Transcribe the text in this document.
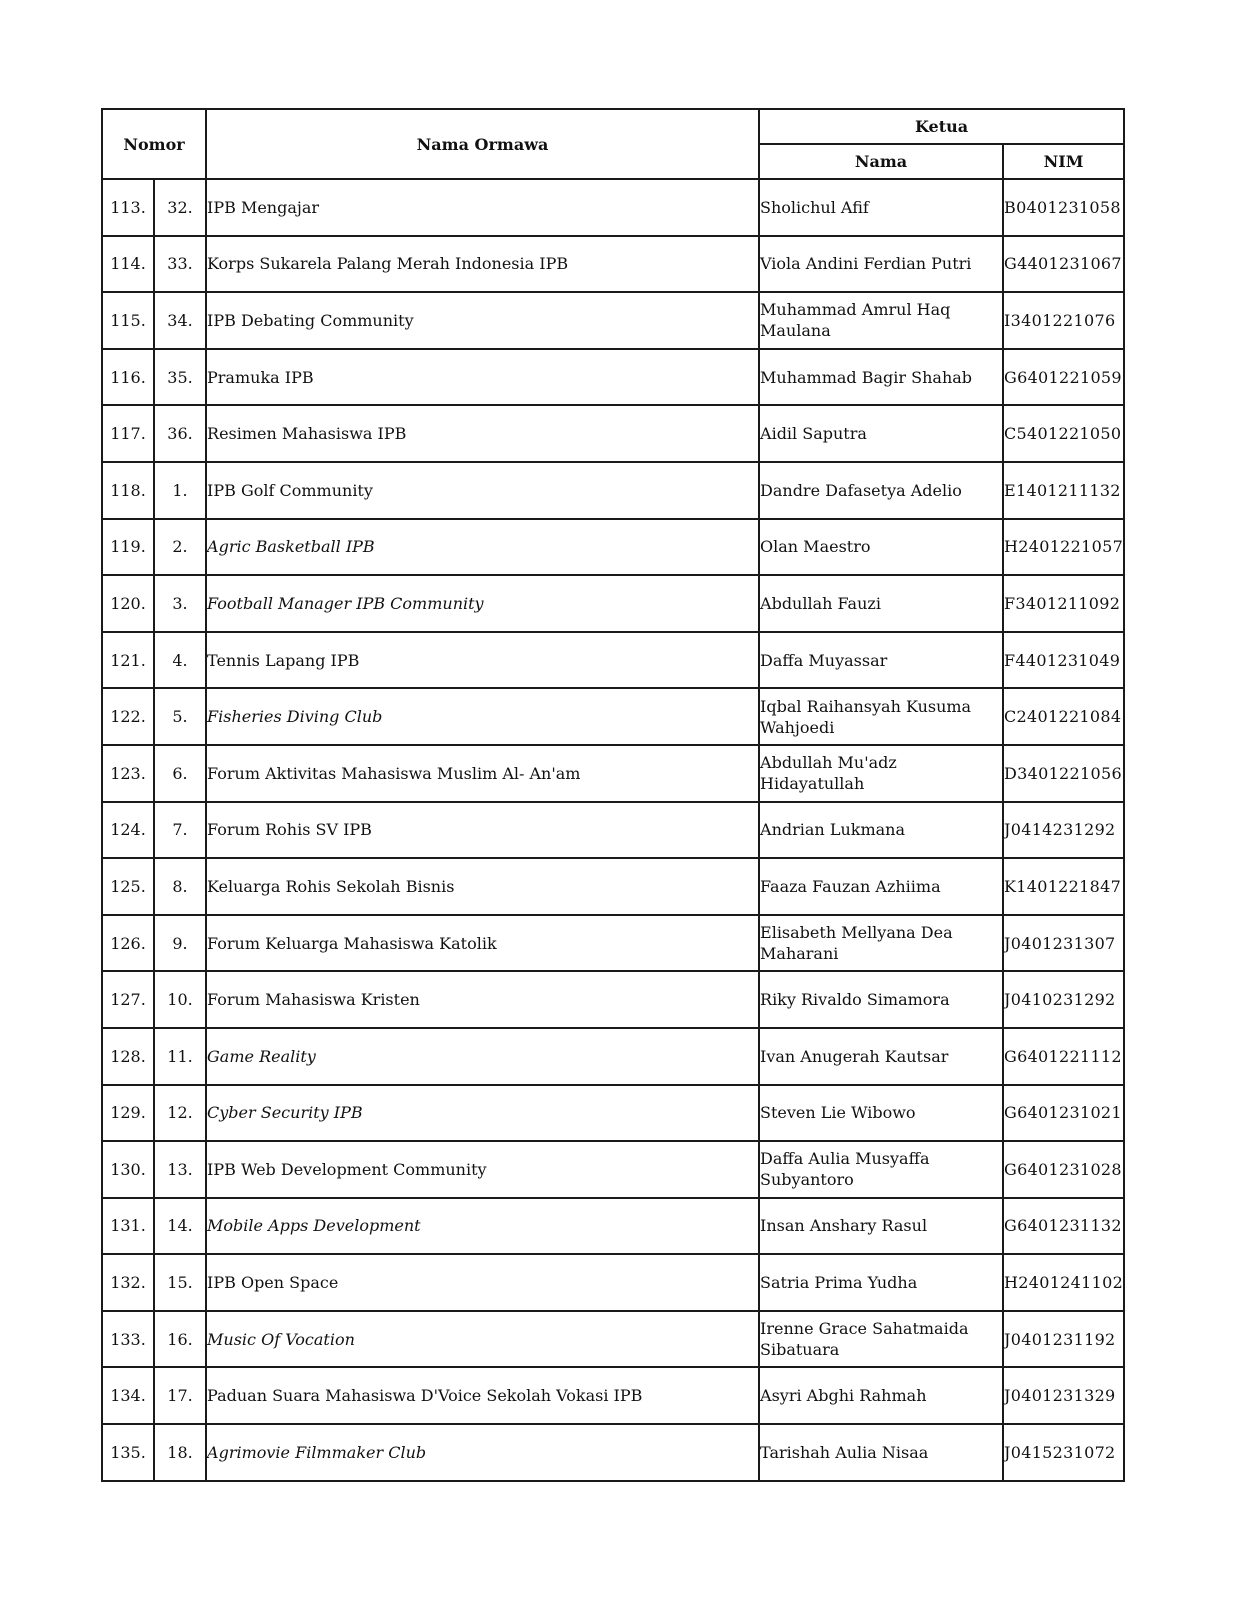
Nomor		Nama Ormawa	Ketua	
			Nama	NIM
113.	32.	IPB Mengajar	Sholichul Afif	B0401231058
114.	33.	Korps Sukarela Palang Merah Indonesia IPB	Viola Andini Ferdian Putri	G4401231067
115.	34.	IPB Debating Community	Muhammad Amrul Haq Maulana	I3401221076
116.	35.	Pramuka IPB	Muhammad Bagir Shahab	G6401221059
117.	36.	Resimen Mahasiswa IPB	Aidil Saputra	C5401221050
118.	1.	IPB Golf Community	Dandre Dafasetya Adelio	E1401211132
119.	2.	Agric Basketball IPB	Olan Maestro	H2401221057
120.	3.	Football Manager IPB Community	Abdullah Fauzi	F3401211092
121.	4.	Tennis Lapang IPB	Daffa Muyassar	F4401231049
122.	5.	Fisheries Diving Club	Iqbal Raihansyah Kusuma Wahjoedi	C2401221084
123.	6.	Forum Aktivitas Mahasiswa Muslim Al- An'am	Abdullah Mu'adz Hidayatullah	D3401221056
124.	7.	Forum Rohis SV IPB	Andrian Lukmana	J0414231292
125.	8.	Keluarga Rohis Sekolah Bisnis	Faaza Fauzan Azhiima	K1401221847
126.	9.	Forum Keluarga Mahasiswa Katolik	Elisabeth Mellyana Dea Maharani	J0401231307
127.	10.	Forum Mahasiswa Kristen	Riky Rivaldo Simamora	J0410231292
128.	11.	Game Reality	Ivan Anugerah Kautsar	G6401221112
129.	12.	Cyber Security IPB	Steven Lie Wibowo	G6401231021
130.	13.	IPB Web Development Community	Daffa Aulia Musyaffa Subyantoro	G6401231028
131.	14.	Mobile Apps Development	Insan Anshary Rasul	G6401231132
132.	15.	IPB Open Space	Satria Prima Yudha	H2401241102
133.	16.	Music Of Vocation	Irenne Grace Sahatmaida Sibatuara	J0401231192
134.	17.	Paduan Suara Mahasiswa D'Voice Sekolah Vokasi IPB	Asyri Abghi Rahmah	J0401231329
135.	18.	Agrimovie Filmmaker Club	Tarishah Aulia Nisaa	J0415231072
